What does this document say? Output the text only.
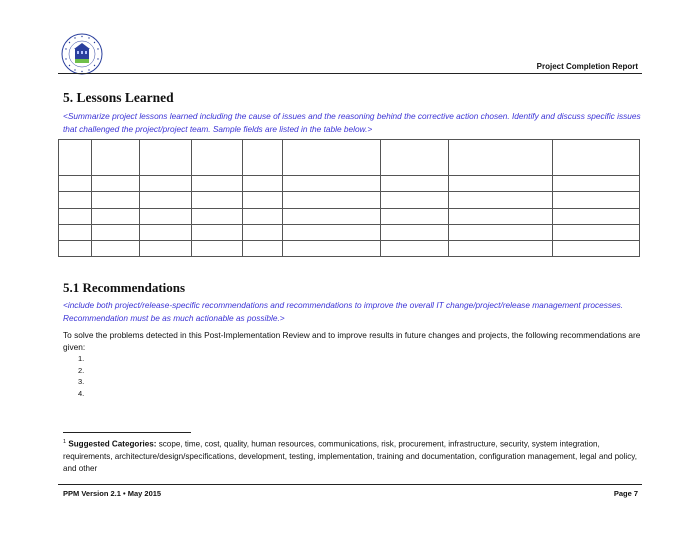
Project Completion Report
5. Lessons Learned
<Summarize project lessons learned including the cause of issues and the reasoning behind the corrective action chosen. Identify and discuss specific issues that challenged the project/project team. Sample fields are listed in the table below.>

5.1 Recommendations
<include both project/release-specific recommendations and recommendations to improve the overall IT change/project/release management processes. Recommendation must be as much actionable as possible.>
To solve the problems detected in this Post-Implementation Review and to improve results in future changes and projects, the following recommendations are given:
1.
2.
3.
4.
$^1$ Suggested Categories: scope, time, cost, quality, human resources, communications, risk, procurement, infrastructure, security, system integration, requirements, architecture/design/specifications, development, testing, implementation, training and documentation, configuration management, legal and policy, and other
PPM Version 2.1 • May 2015	Page 7
